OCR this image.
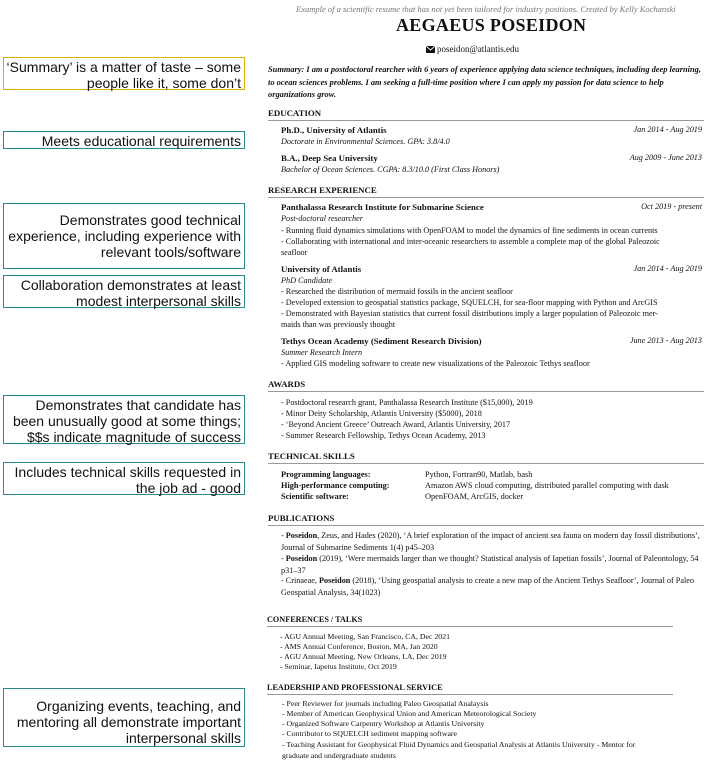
‘Summary’ is a matter of taste – some people like it, some don’t
Meets educational requirements
Demonstrates good technical experience, including experience with relevant tools/software
Collaboration demonstrates at least modest interpersonal skills
Demonstrates that candidate has been unusually good at some things; $$s indicate magnitude of success
Includes technical skills requested in the job ad - good
Organizing events, teaching, and mentoring all demonstrate important interpersonal skills
Example of a scientific resume that has not yet been tailored for industry positions. Created by Kelly Kochanski
AEGAEUS POSEIDON
poseidon@atlantis.edu
Summary: I am a postdoctoral rearcher with 6 years of experience applying data science techniques, including deep learning, to ocean sciences problems. I am seeking a full-time position where I can apply my passion for data science to help organizations grow.
EDUCATION
Ph.D., University of Atlantis	Jan 2014 - Aug 2019
Doctorate in Environmental Sciences. GPA: 3.8/4.0
B.A., Deep Sea University	Aug 2009 - June 2013
Bachelor of Ocean Sciences. CGPA: 8.3/10.0 (First Class Honors)
RESEARCH EXPERIENCE
Panthalassa Research Institute for Submarine Science	Oct 2019 - present
Post-doctoral researcher
- Running fluid dynamics simulations with OpenFOAM to model the dynamics of fine sediments in ocean currents
- Collaborating with international and inter-oceanic researchers to assemble a complete map of the global Paleozoic
seafloor
University of Atlantis	Jan 2014 - Aug 2019
PhD Candidate
- Researched the distribution of mermaid fossils in the ancient seafloor
- Developed extension to geospatial statistics package, SQUELCH, for sea-floor mapping with Python and ArcGIS
- Demonstrated with Bayesian statistics that current fossil distributions imply a larger population of Paleozoic mer-
maids than was previously thought
Tethys Ocean Academy (Sediment Research Division)	June 2013 - Aug 2013
Summer Research Intern
- Applied GIS modeling software to create new visualizations of the Paleozoic Tethys seafloor
AWARDS
- Postdoctoral research grant, Panthalassa Research Institute ($15,000), 2019
- Minor Deity Scholarship, Atlantis University ($5000), 2018
- ‘Beyond Ancient Greece’ Outreach Award, Atlantis University, 2017
- Summer Research Fellowship, Tethys Ocean Academy, 2013
TECHNICAL SKILLS
Programming languages:	Python, Fortran90, Matlab, bash
High-performance computing:	Amazon AWS cloud computing, distributed parallel computing with dask
Scientific software:	OpenFOAM, ArcGIS, docker
PUBLICATIONS
- Poseidon, Zeus, and Hades (2020), ‘A brief exploration of the impact of ancient sea fauna on modern day fossil distributions’, Journal of Submarine Sediments 1(4) p45–203
- Poseidon (2019), ‘Were mermaids larger than we thought? Statistical analysis of Iapetian fossils’, Journal of Paleontology, 54 p31–37
- Crinaeae, Poseidon (2018), ‘Using geospatial analysis to create a new map of the Ancient Tethys Seafloor’, Journal of Paleo Geospatial Analysis, 34(1023)
CONFERENCES / TALKS
- AGU Annual Meeting, San Francisco, CA, Dec 2021
- AMS Annual Conference, Boston, MA, Jan 2020
- AGU Annual Meeting, New Orleans, LA, Dec 2019
- Seminar, Iapetus Institute, Oct 2019
LEADERSHIP AND PROFESSIONAL SERVICE
- Peer Reviewer for journals including Paleo Geospatial Analaysis
- Member of American Geophysical Union and American Meteorological Society
- Organized Software Carpentry Workshop at Atlantis University
- Contributor to SQUELCH sediment mapping software
- Teaching Assistant for Geophysical Fluid Dynamics and Geospatial Analysis at Atlantis University - Mentor for
graduate and undergraduate students
